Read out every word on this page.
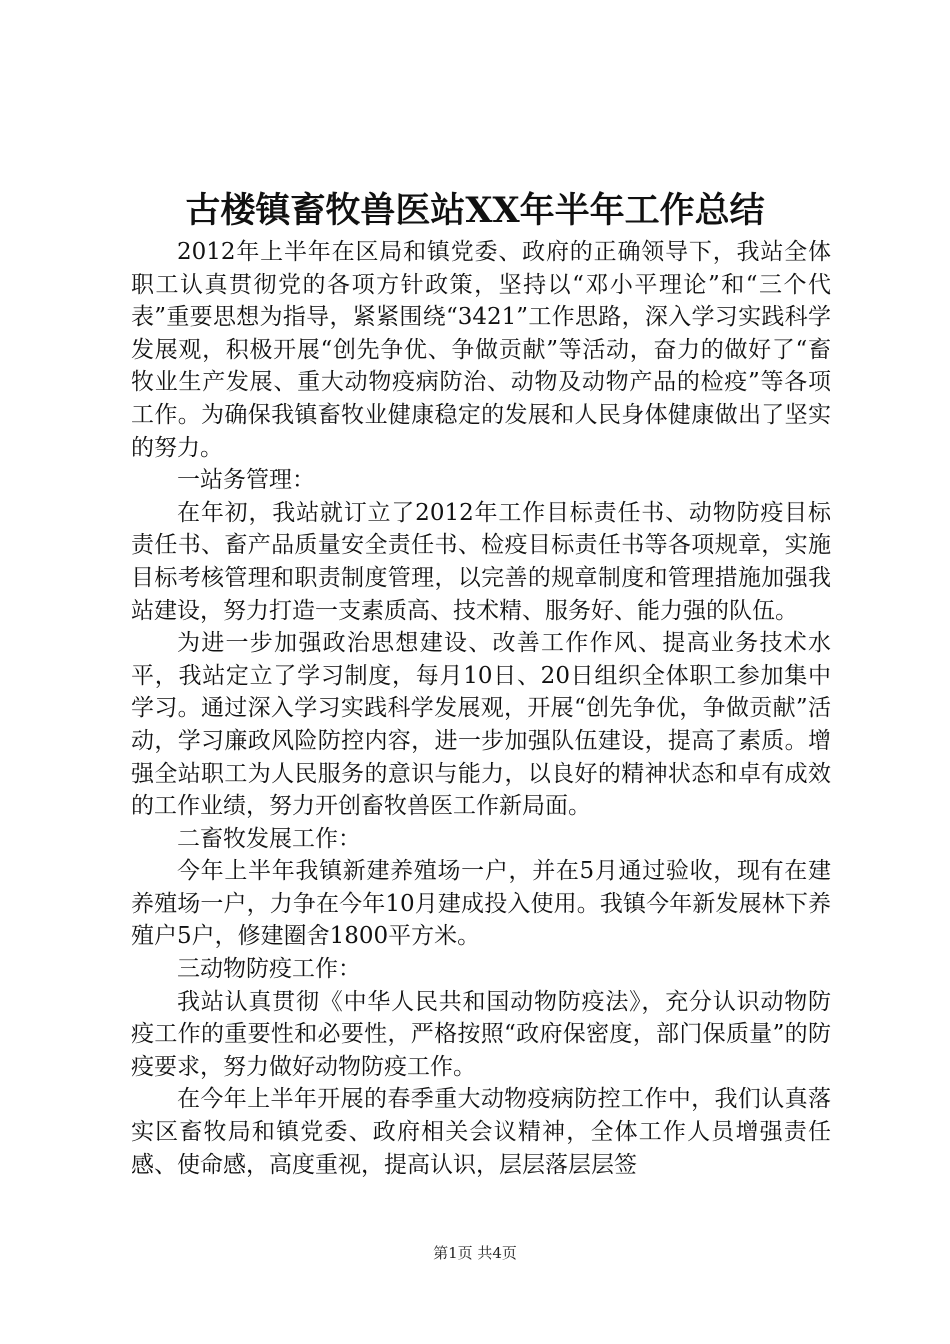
古楼镇畜牧兽医站XX年半年工作总结

2012年上半年在区局和镇党委、政府的正确领导下，我站全体职工认真贯彻党的各项方针政策，坚持以“邓小平理论”和“三个代表”重要思想为指导，紧紧围绕“3421”工作思路，深入学习实践科学发展观，积极开展“创先争优、争做贡献”等活动，奋力的做好了“畜牧业生产发展、重大动物疫病防治、动物及动物产品的检疫”等各项工作。为确保我镇畜牧业健康稳定的发展和人民身体健康做出了坚实的努力。

一站务管理：

在年初，我站就订立了2012年工作目标责任书、动物防疫目标责任书、畜产品质量安全责任书、检疫目标责任书等各项规章，实施目标考核管理和职责制度管理，以完善的规章制度和管理措施加强我站建设，努力打造一支素质高、技术精、服务好、能力强的队伍。

为进一步加强政治思想建设、改善工作作风、提高业务技术水平，我站定立了学习制度，每月10日、20日组织全体职工参加集中学习。通过深入学习实践科学发展观，开展“创先争优，争做贡献”活动，学习廉政风险防控内容，进一步加强队伍建设，提高了素质。增强全站职工为人民服务的意识与能力，以良好的精神状态和卓有成效的工作业绩，努力开创畜牧兽医工作新局面。

二畜牧发展工作：

今年上半年我镇新建养殖场一户，并在5月通过验收，现有在建养殖场一户，力争在今年10月建成投入使用。我镇今年新发展林下养殖户5户，修建圈舍1800平方米。

三动物防疫工作：

我站认真贯彻《中华人民共和国动物防疫法》，充分认识动物防疫工作的重要性和必要性，严格按照“政府保密度，部门保质量”的防疫要求，努力做好动物防疫工作。

在今年上半年开展的春季重大动物疫病防控工作中，我们认真落实区畜牧局和镇党委、政府相关会议精神，全体工作人员增强责任感、使命感，高度重视，提高认识，层层落层层签

第1页 共4页
